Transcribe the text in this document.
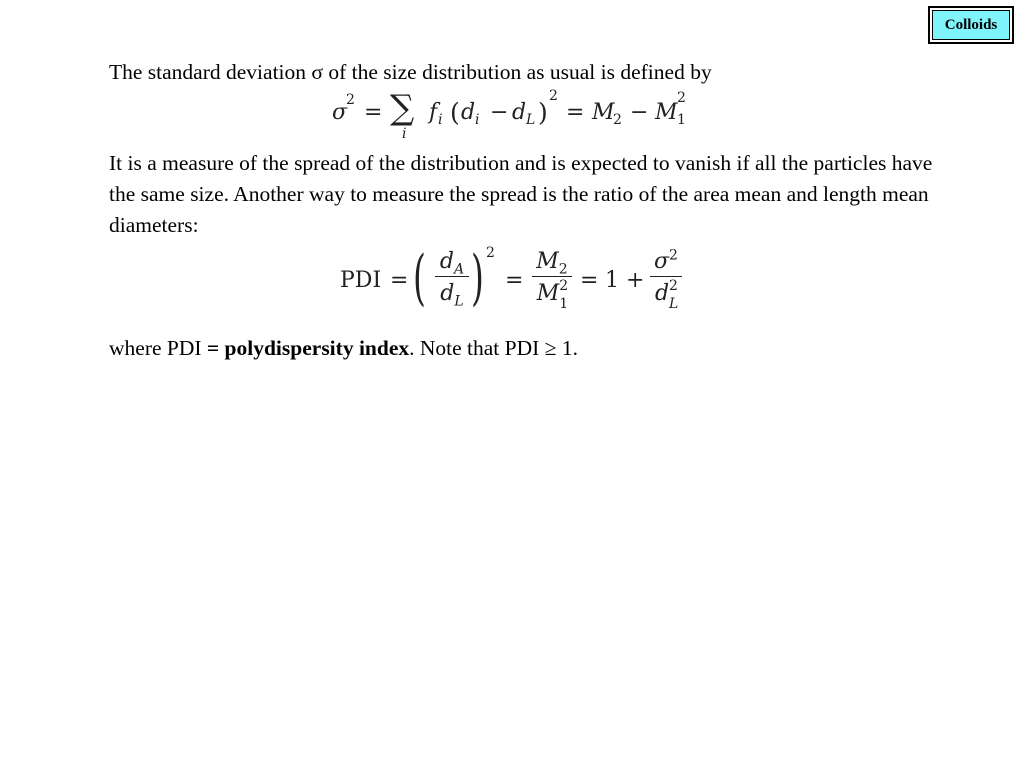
Colloids

The standard deviation σ of the size distribution as usual is defined by

σ
2 = ∑
i
f i ( d i − d L )
2
= M
2 − M
2
1

It is a measure of the spread of the distribution and is expected to vanish if all the particles have the same size. Another way to measure the spread is the ratio of the area mean and length mean diameters:

PDI = ( $\frac{d_A}{d_L}$ ) 2
= $M_2$
M 2
$1 = 1 + \sigma^2$
d 2
L

where PDI = polydispersity index. Note that PDI ≥ 1.
